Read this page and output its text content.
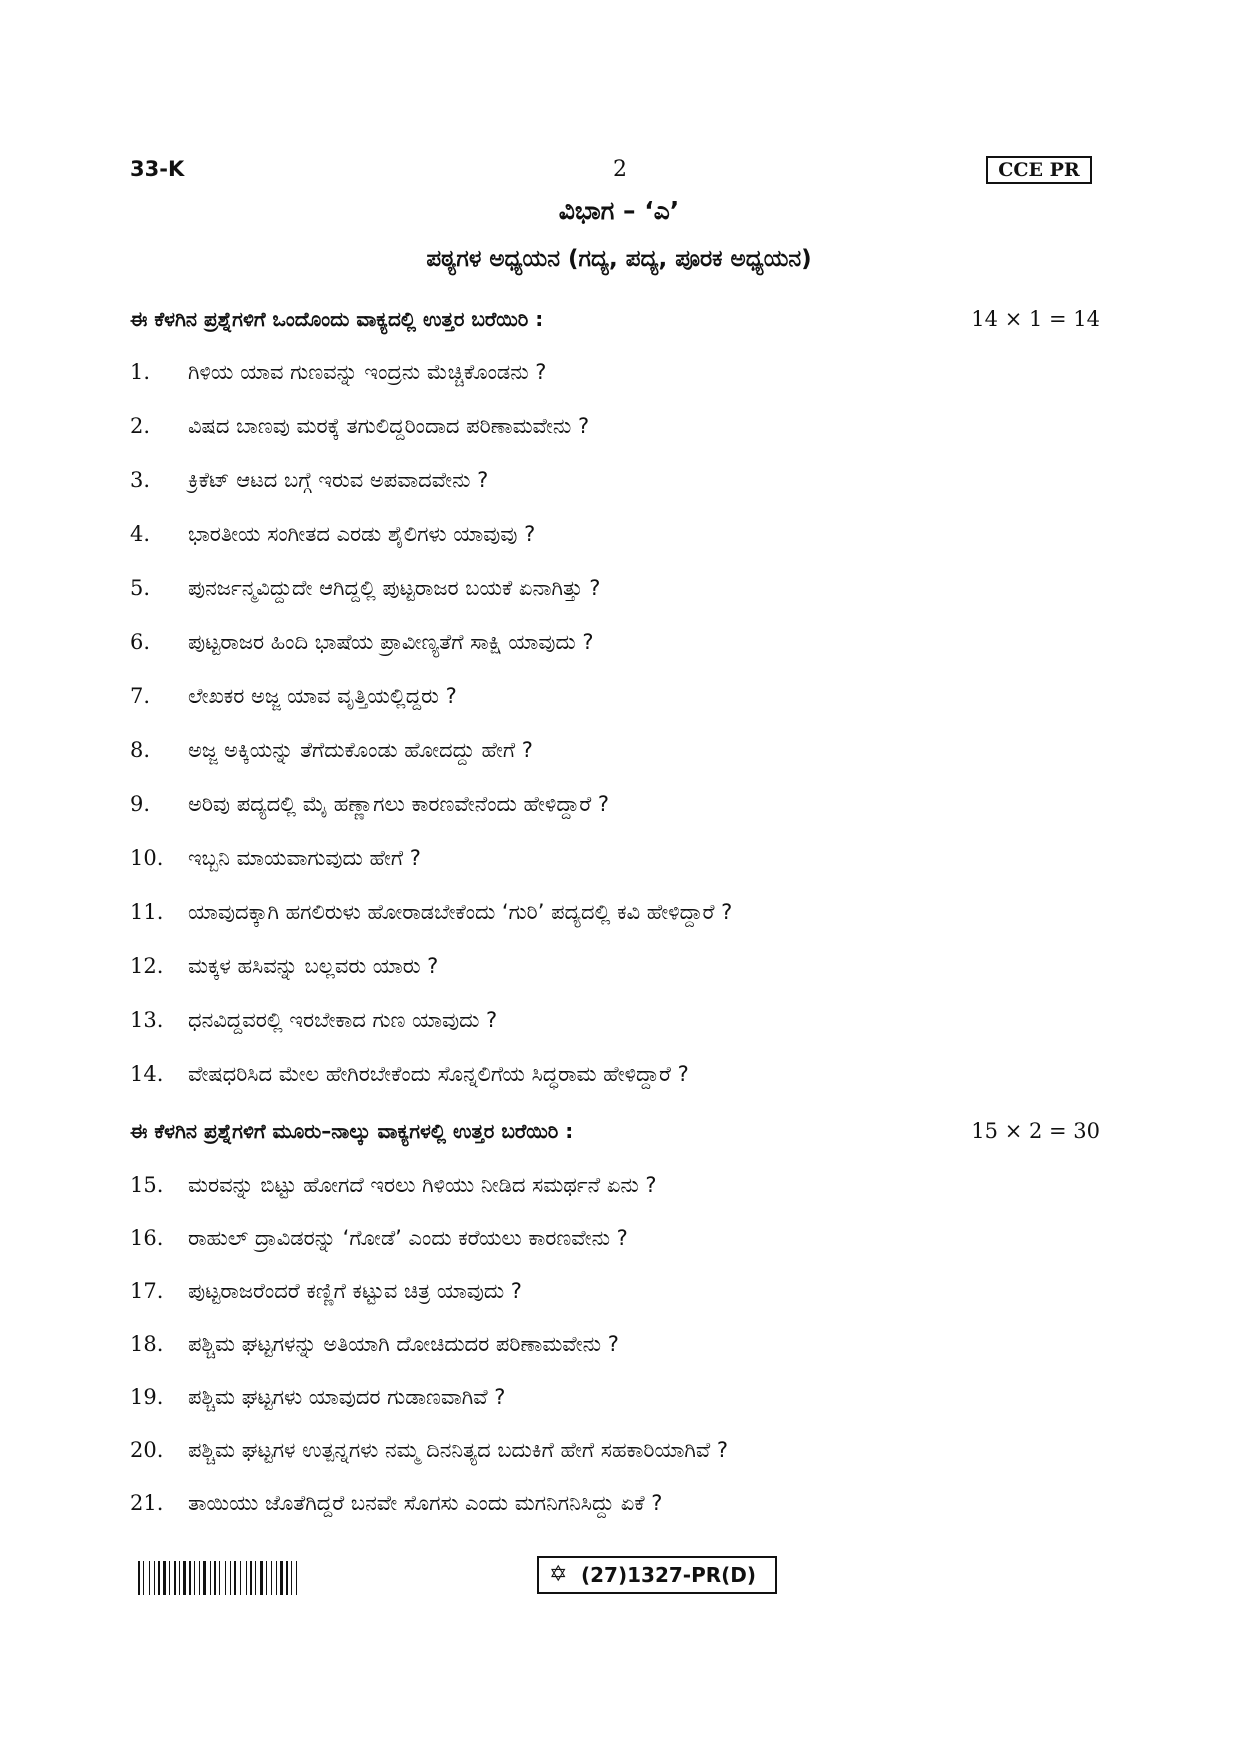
33-K	2	CCE PR
ವಿಭಾಗ – ‘ಎ’
ಪಠ್ಯಗಳ ಅಧ್ಯಯನ (ಗದ್ಯ, ಪದ್ಯ, ಪೂರಕ ಅಧ್ಯಯನ)
ಈ ಕೆಳಗಿನ ಪ್ರಶ್ನೆಗಳಿಗೆ ಒಂದೊಂದು ವಾಕ್ಯದಲ್ಲಿ ಉತ್ತರ ಬರೆಯಿರಿ :	14 × 1 = 14
1.	ಗಿಳಿಯ ಯಾವ ಗುಣವನ್ನು ಇಂದ್ರನು ಮೆಚ್ಚಿಕೊಂಡನು ?
2.	ವಿಷದ ಬಾಣವು ಮರಕ್ಕೆ ತಗುಲಿದ್ದರಿಂದಾದ ಪರಿಣಾಮವೇನು ?
3.	ಕ್ರಿಕೆಟ್ ಆಟದ ಬಗ್ಗೆ ಇರುವ ಅಪವಾದವೇನು ?
4.	ಭಾರತೀಯ ಸಂಗೀತದ ಎರಡು ಶೈಲಿಗಳು ಯಾವುವು ?
5.	ಪುನರ್ಜನ್ಮವಿದ್ದುದೇ ಆಗಿದ್ದಲ್ಲಿ ಪುಟ್ಟರಾಜರ ಬಯಕೆ ಏನಾಗಿತ್ತು ?
6.	ಪುಟ್ಟರಾಜರ ಹಿಂದಿ ಭಾಷೆಯ ಪ್ರಾವೀಣ್ಯತೆಗೆ ಸಾಕ್ಷಿ ಯಾವುದು ?
7.	ಲೇಖಕರ ಅಜ್ಜ ಯಾವ ವೃತ್ತಿಯಲ್ಲಿದ್ದರು ?
8.	ಅಜ್ಜ ಅಕ್ಕಿಯನ್ನು ತೆಗೆದುಕೊಂಡು ಹೋದದ್ದು ಹೇಗೆ ?
9.	ಅರಿವು ಪದ್ಯದಲ್ಲಿ ಮೈ ಹಣ್ಣಾಗಲು ಕಾರಣವೇನೆಂದು ಹೇಳಿದ್ದಾರೆ ?
10.	ಇಬ್ಬನಿ ಮಾಯವಾಗುವುದು ಹೇಗೆ ?
11.	ಯಾವುದಕ್ಕಾಗಿ ಹಗಲಿರುಳು ಹೋರಾಡಬೇಕೆಂದು ‘ಗುರಿ’ ಪದ್ಯದಲ್ಲಿ ಕವಿ ಹೇಳಿದ್ದಾರೆ ?
12.	ಮಕ್ಕಳ ಹಸಿವನ್ನು ಬಲ್ಲವರು ಯಾರು ?
13.	ಧನವಿದ್ದವರಲ್ಲಿ ಇರಬೇಕಾದ ಗುಣ ಯಾವುದು ?
14.	ವೇಷಧರಿಸಿದ ಮೇಲ ಹೇಗಿರಬೇಕೆಂದು ಸೊನ್ನಲಿಗೆಯ ಸಿದ್ಧರಾಮ ಹೇಳಿದ್ದಾರೆ ?
ಈ ಕೆಳಗಿನ ಪ್ರಶ್ನೆಗಳಿಗೆ ಮೂರು–ನಾಲ್ಕು ವಾಕ್ಯಗಳಲ್ಲಿ ಉತ್ತರ ಬರೆಯಿರಿ :	15 × 2 = 30
15.	ಮರವನ್ನು ಬಿಟ್ಟು ಹೋಗದೆ ಇರಲು ಗಿಳಿಯು ನೀಡಿದ ಸಮರ್ಥನೆ ಏನು ?
16.	ರಾಹುಲ್ ದ್ರಾವಿಡರನ್ನು ‘ಗೋಡೆ’ ಎಂದು ಕರೆಯಲು ಕಾರಣವೇನು ?
17.	ಪುಟ್ಟರಾಜರೆಂದರೆ ಕಣ್ಣಿಗೆ ಕಟ್ಟುವ ಚಿತ್ರ ಯಾವುದು ?
18.	ಪಶ್ಚಿಮ ಘಟ್ಟಗಳನ್ನು ಅತಿಯಾಗಿ ದೋಚಿದುದರ ಪರಿಣಾಮವೇನು ?
19.	ಪಶ್ಚಿಮ ಘಟ್ಟಗಳು ಯಾವುದರ ಗುಡಾಣವಾಗಿವೆ ?
20.	ಪಶ್ಚಿಮ ಘಟ್ಟಗಳ ಉತ್ಪನ್ನಗಳು ನಮ್ಮ ದಿನನಿತ್ಯದ ಬದುಕಿಗೆ ಹೇಗೆ ಸಹಕಾರಿಯಾಗಿವೆ ?
21.	ತಾಯಿಯು ಜೊತೆಗಿದ್ದರೆ ಬನವೇ ಸೊಗಸು ಎಂದು ಮಗನಿಗನಿಸಿದ್ದು ಏಕೆ ?
✡ (27)1327-PR(D)
